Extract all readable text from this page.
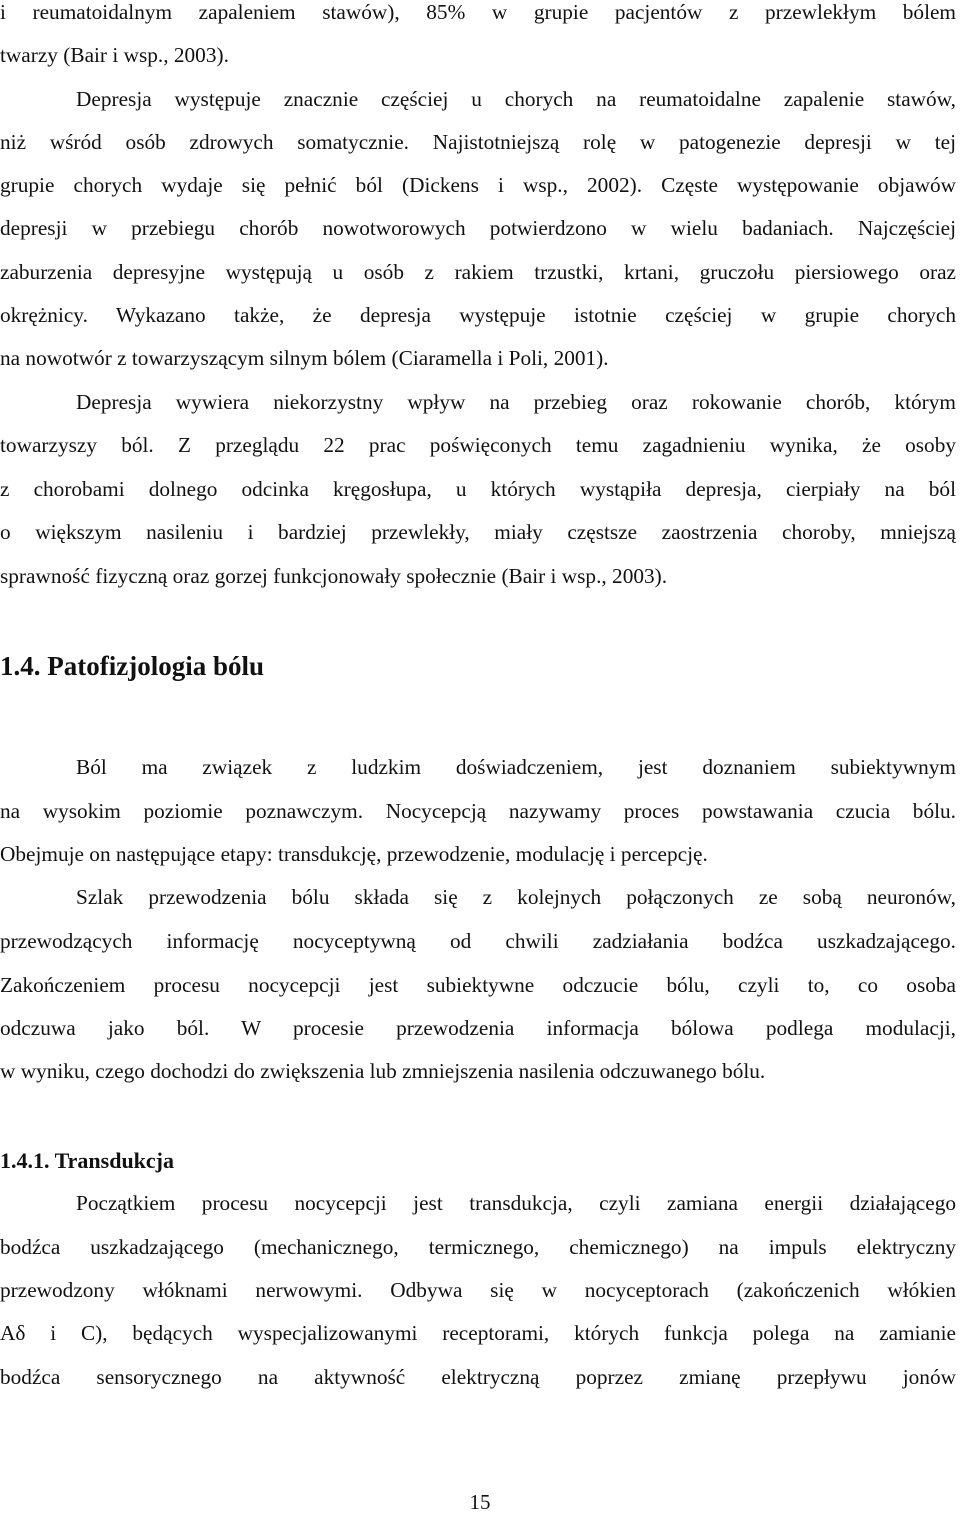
i reumatoidalnym zapaleniem stawów), 85% w grupie pacjentów z przewlekłym bólem
twarzy (Bair i wsp., 2003).
Depresja występuje znacznie częściej u chorych na reumatoidalne zapalenie stawów,
niż wśród osób zdrowych somatycznie. Najistotniejszą rolę w patogenezie depresji w tej
grupie chorych wydaje się pełnić ból (Dickens i wsp., 2002). Częste występowanie objawów
depresji w przebiegu chorób nowotworowych potwierdzono w wielu badaniach. Najczęściej
zaburzenia depresyjne występują u osób z rakiem trzustki, krtani, gruczołu piersiowego oraz
okrężnicy. Wykazano także, że depresja występuje istotnie częściej w grupie chorych
na nowotwór z towarzyszącym silnym bólem (Ciaramella i Poli, 2001).
Depresja wywiera niekorzystny wpływ na przebieg oraz rokowanie chorób, którym
towarzyszy ból. Z przeglądu 22 prac poświęconych temu zagadnieniu wynika, że osoby
z chorobami dolnego odcinka kręgosłupa, u których wystąpiła depresja, cierpiały na ból
o większym nasileniu i bardziej przewlekły, miały częstsze zaostrzenia choroby, mniejszą
sprawność fizyczną oraz gorzej funkcjonowały społecznie (Bair i wsp., 2003).
1.4. Patofizjologia bólu
Ból ma związek z ludzkim doświadczeniem, jest doznaniem subiektywnym
na wysokim poziomie poznawczym. Nocycepcją nazywamy proces powstawania czucia bólu.
Obejmuje on następujące etapy: transdukcję, przewodzenie, modulację i percepcję.
Szlak przewodzenia bólu składa się z kolejnych połączonych ze sobą neuronów,
przewodzących informację nocyceptywną od chwili zadziałania bodźca uszkadzającego.
Zakończeniem procesu nocycepcji jest subiektywne odczucie bólu, czyli to, co osoba
odczuwa jako ból. W procesie przewodzenia informacja bólowa podlega modulacji,
w wyniku, czego dochodzi do zwiększenia lub zmniejszenia nasilenia odczuwanego bólu.
1.4.1. Transdukcja
Początkiem procesu nocycepcji jest transdukcja, czyli zamiana energii działającego
bodźca uszkadzającego (mechanicznego, termicznego, chemicznego) na impuls elektryczny
przewodzony włóknami nerwowymi. Odbywa się w nocyceptorach (zakończenich włókien
Aδ i C), będących wyspecjalizowanymi receptorami, których funkcja polega na zamianie
bodźca sensorycznego na aktywność elektryczną poprzez zmianę przepływu jonów
15
